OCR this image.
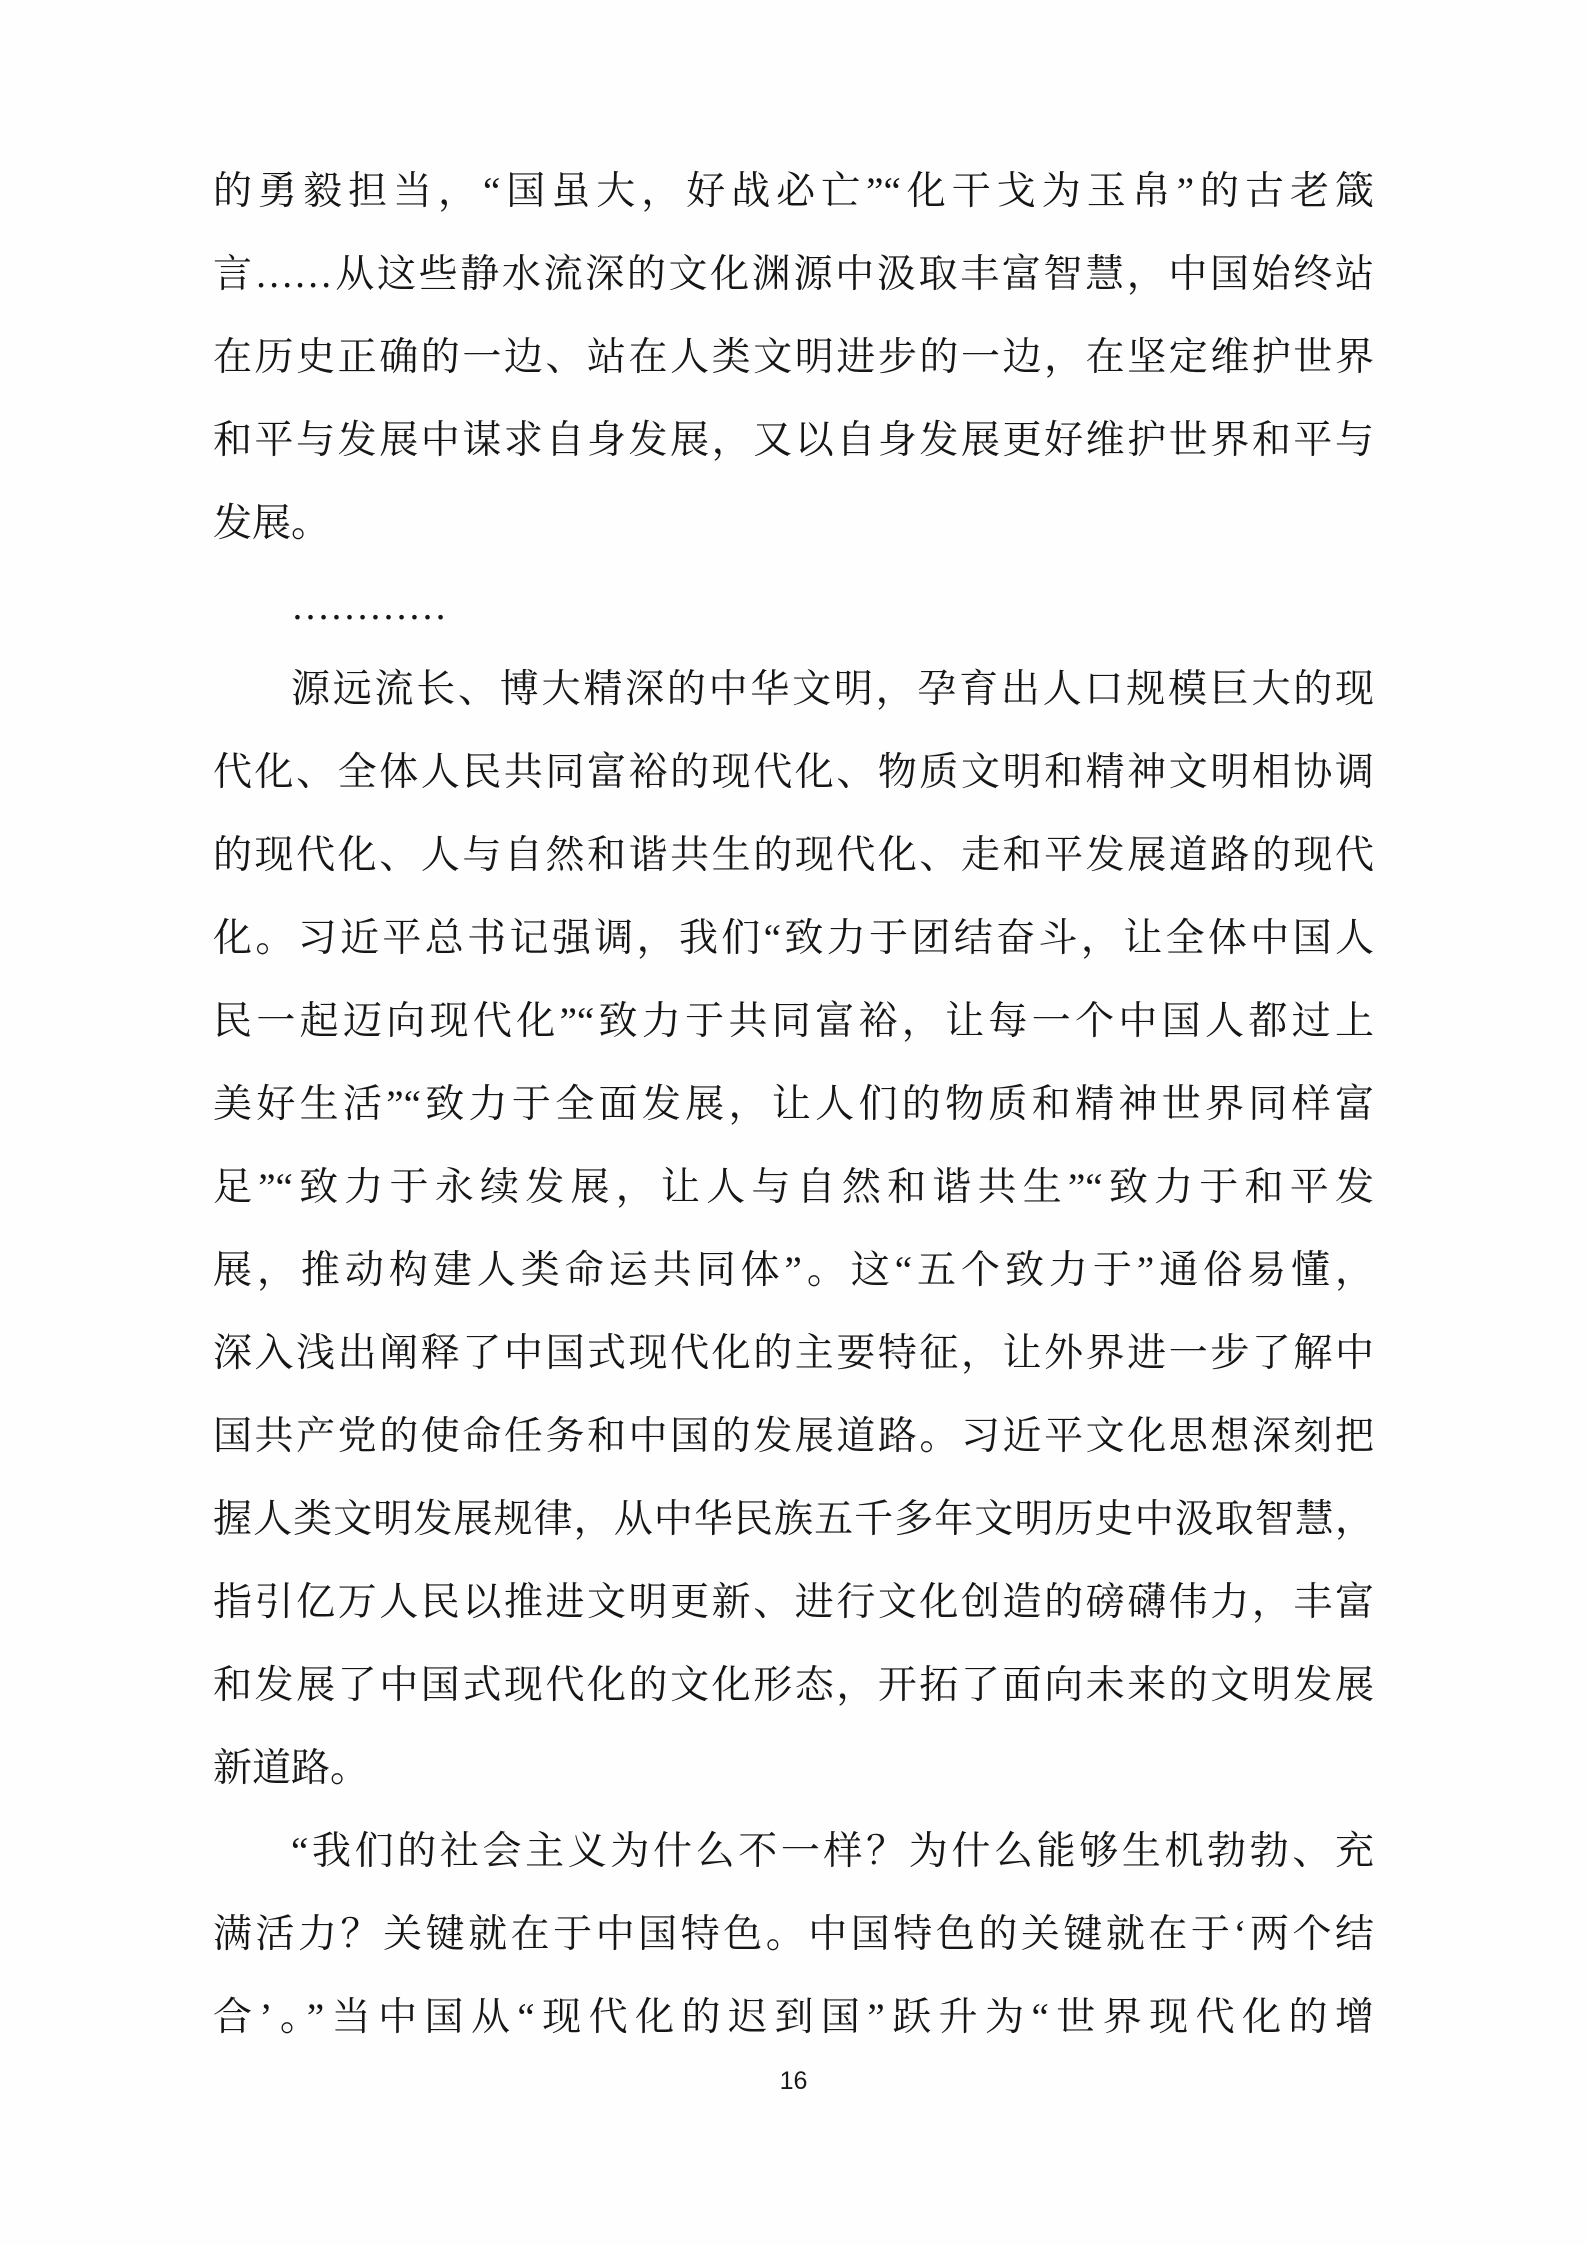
的勇毅担当，“国虽大，好战必亡”“化干戈为玉帛”的古老箴
言……从这些静水流深的文化渊源中汲取丰富智慧，中国始终站
在历史正确的一边、站在人类文明进步的一边，在坚定维护世界
和平与发展中谋求自身发展，又以自身发展更好维护世界和平与
发展。
…………
源远流长、博大精深的中华文明，孕育出人口规模巨大的现
代化、全体人民共同富裕的现代化、物质文明和精神文明相协调
的现代化、人与自然和谐共生的现代化、走和平发展道路的现代
化。习近平总书记强调，我们“致力于团结奋斗，让全体中国人
民一起迈向现代化”“致力于共同富裕，让每一个中国人都过上
美好生活”“致力于全面发展，让人们的物质和精神世界同样富
足”“致力于永续发展，让人与自然和谐共生”“致力于和平发
展，推动构建人类命运共同体”。这“五个致力于”通俗易懂，
深入浅出阐释了中国式现代化的主要特征，让外界进一步了解中
国共产党的使命任务和中国的发展道路。习近平文化思想深刻把
握人类文明发展规律，从中华民族五千多年文明历史中汲取智慧，
指引亿万人民以推进文明更新、进行文化创造的磅礴伟力，丰富
和发展了中国式现代化的文化形态，开拓了面向未来的文明发展
新道路。
“我们的社会主义为什么不一样？为什么能够生机勃勃、充
满活力？关键就在于中国特色。中国特色的关键就在于‘两个结
合’。”当中国从“现代化的迟到国”跃升为“世界现代化的增
16
